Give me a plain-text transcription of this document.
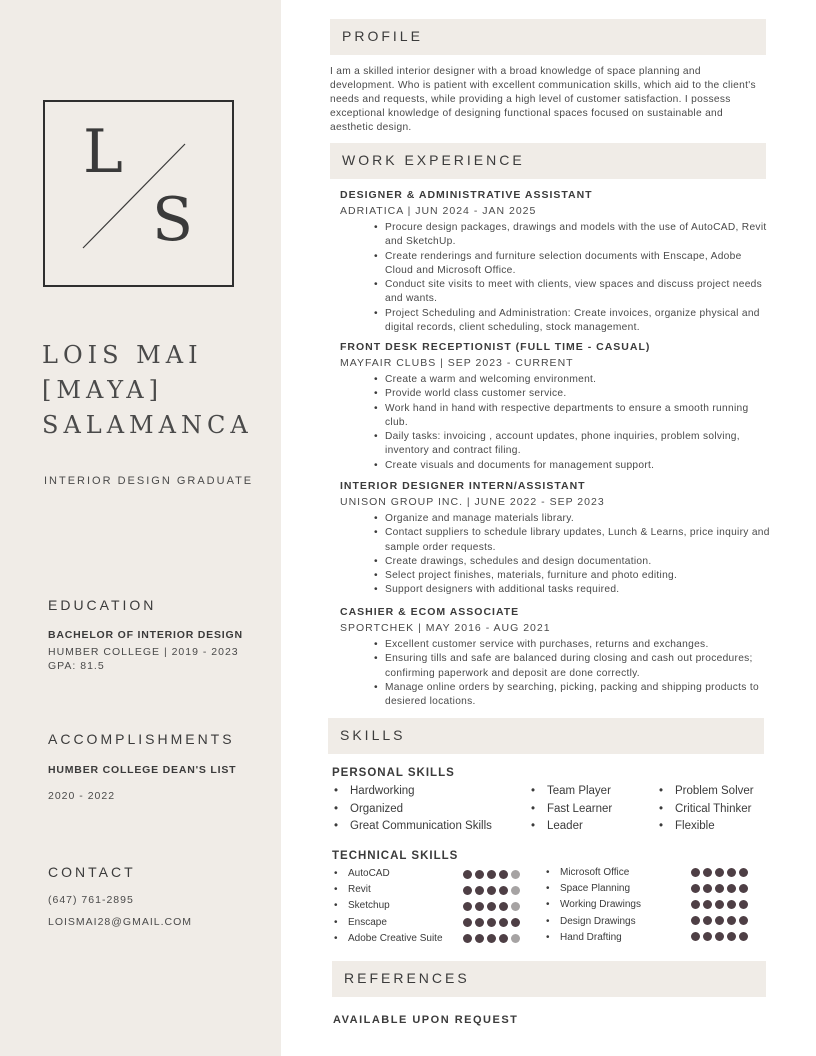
L
S
LOIS MAI
[MAYA]
SALAMANCA
INTERIOR DESIGN GRADUATE
EDUCATION
BACHELOR OF INTERIOR DESIGN
HUMBER COLLEGE | 2019 - 2023
GPA: 81.5
ACCOMPLISHMENTS
HUMBER COLLEGE DEAN'S LIST
2020 - 2022
CONTACT
(647) 761-2895
LOISMAI28@GMAIL.COM
PROFILE
I am a skilled interior designer with a broad knowledge of space planning and development. Who is patient with excellent communication skills, which aid to the client's needs and requests, while providing a high level of customer satisfaction. I possess exceptional knowledge of designing functional spaces focused on sustainable and aesthetic design.
WORK EXPERIENCE
DESIGNER & ADMINISTRATIVE ASSISTANT
ADRIATICA | JUN 2024 - JAN 2025
• Procure design packages, drawings and models with the use of AutoCAD, Revit and SketchUp.
• Create renderings and furniture selection documents with Enscape, Adobe Cloud and Microsoft Office.
• Conduct site visits to meet with clients, view spaces and discuss project needs and wants.
• Project Scheduling and Administration: Create invoices, organize physical and digital records, client scheduling, stock management.
FRONT DESK RECEPTIONIST (FULL TIME - CASUAL)
MAYFAIR CLUBS | SEP 2023 - CURRENT
• Create a warm and welcoming environment.
• Provide world class customer service.
• Work hand in hand with respective departments to ensure a smooth running club.
• Daily tasks: invoicing , account updates, phone inquiries, problem solving, inventory and contract filing.
• Create visuals and documents for management support.
INTERIOR DESIGNER INTERN/ASSISTANT
UNISON GROUP INC. | JUNE 2022 - SEP 2023
• Organize and manage materials library.
• Contact suppliers to schedule library updates, Lunch & Learns, price inquiry and sample order requests.
• Create drawings, schedules and design documentation.
• Select project finishes, materials, furniture and photo editing.
• Support designers with additional tasks required.
CASHIER & ECOM ASSOCIATE
SPORTCHEK | MAY 2016 - AUG 2021
• Excellent customer service with purchases, returns and exchanges.
• Ensuring tills and safe are balanced during closing and cash out procedures; confirming paperwork and deposit are done correctly.
• Manage online orders by searching, picking, packing and shipping products to desiered locations.
SKILLS
PERSONAL SKILLS
• Hardworking
• Organized
• Great Communication Skills
• Team Player
• Fast Learner
• Leader
• Problem Solver
• Critical Thinker
• Flexible
TECHNICAL SKILLS
• AutoCAD
• Revit
• Sketchup
• Enscape
• Adobe Creative Suite
• Microsoft Office
• Space Planning
• Working Drawings
• Design Drawings
• Hand Drafting
REFERENCES
AVAILABLE UPON REQUEST
